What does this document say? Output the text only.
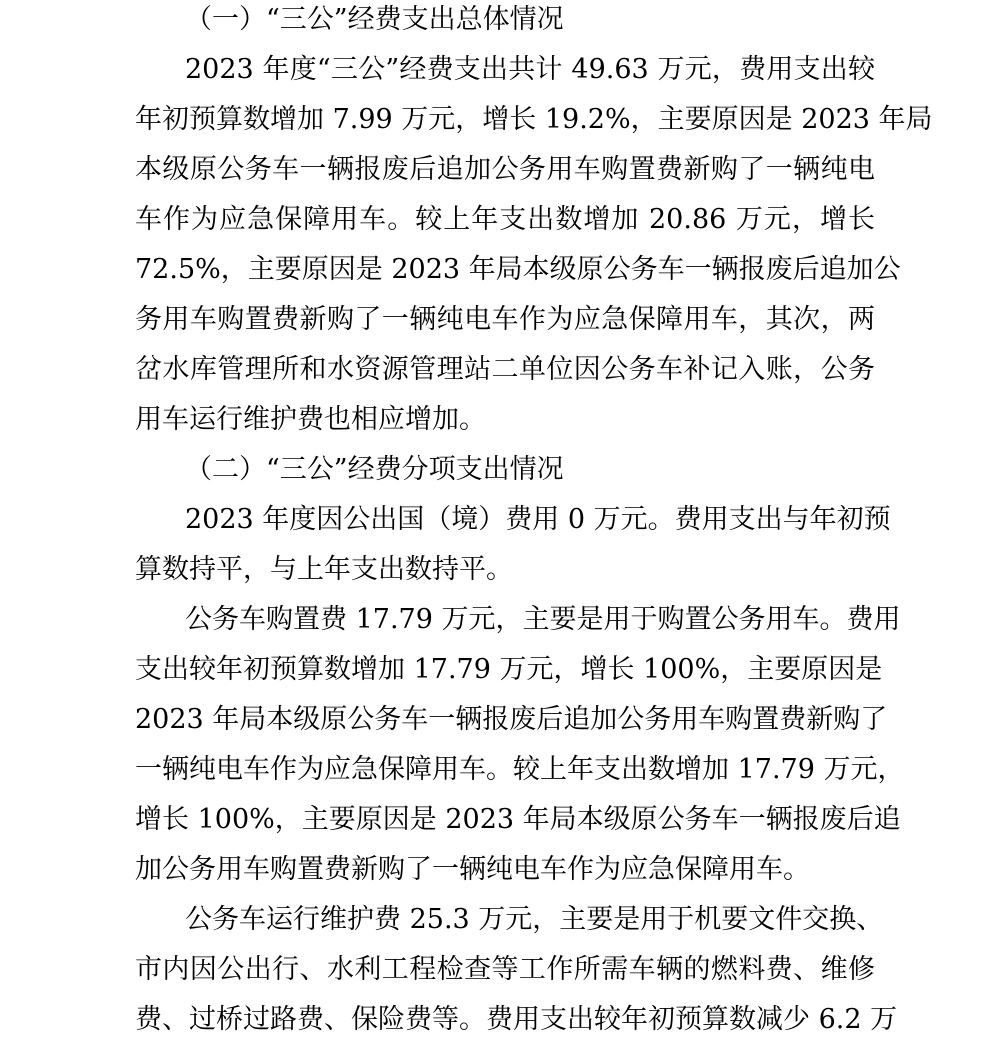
（一）“三公”经费支出总体情况
2023 年度“三公”经费支出共计 49.63 万元，费用支出较
年初预算数增加 7.99 万元，增长 19.2%，主要原因是 2023 年局
本级原公务车一辆报废后追加公务用车购置费新购了一辆纯电
车作为应急保障用车。较上年支出数增加 20.86 万元，增长
72.5%，主要原因是 2023 年局本级原公务车一辆报废后追加公
务用车购置费新购了一辆纯电车作为应急保障用车，其次，两
岔水库管理所和水资源管理站二单位因公务车补记入账，公务
用车运行维护费也相应增加。
（二）“三公”经费分项支出情况
2023 年度因公出国（境）费用 0 万元。费用支出与年初预
算数持平，与上年支出数持平。
公务车购置费 17.79 万元，主要是用于购置公务用车。费用
支出较年初预算数增加 17.79 万元，增长 100%，主要原因是
2023 年局本级原公务车一辆报废后追加公务用车购置费新购了
一辆纯电车作为应急保障用车。较上年支出数增加 17.79 万元，
增长 100%，主要原因是 2023 年局本级原公务车一辆报废后追
加公务用车购置费新购了一辆纯电车作为应急保障用车。
公务车运行维护费 25.3 万元，主要是用于机要文件交换、
市内因公出行、水利工程检查等工作所需车辆的燃料费、维修
费、过桥过路费、保险费等。费用支出较年初预算数减少 6.2 万
